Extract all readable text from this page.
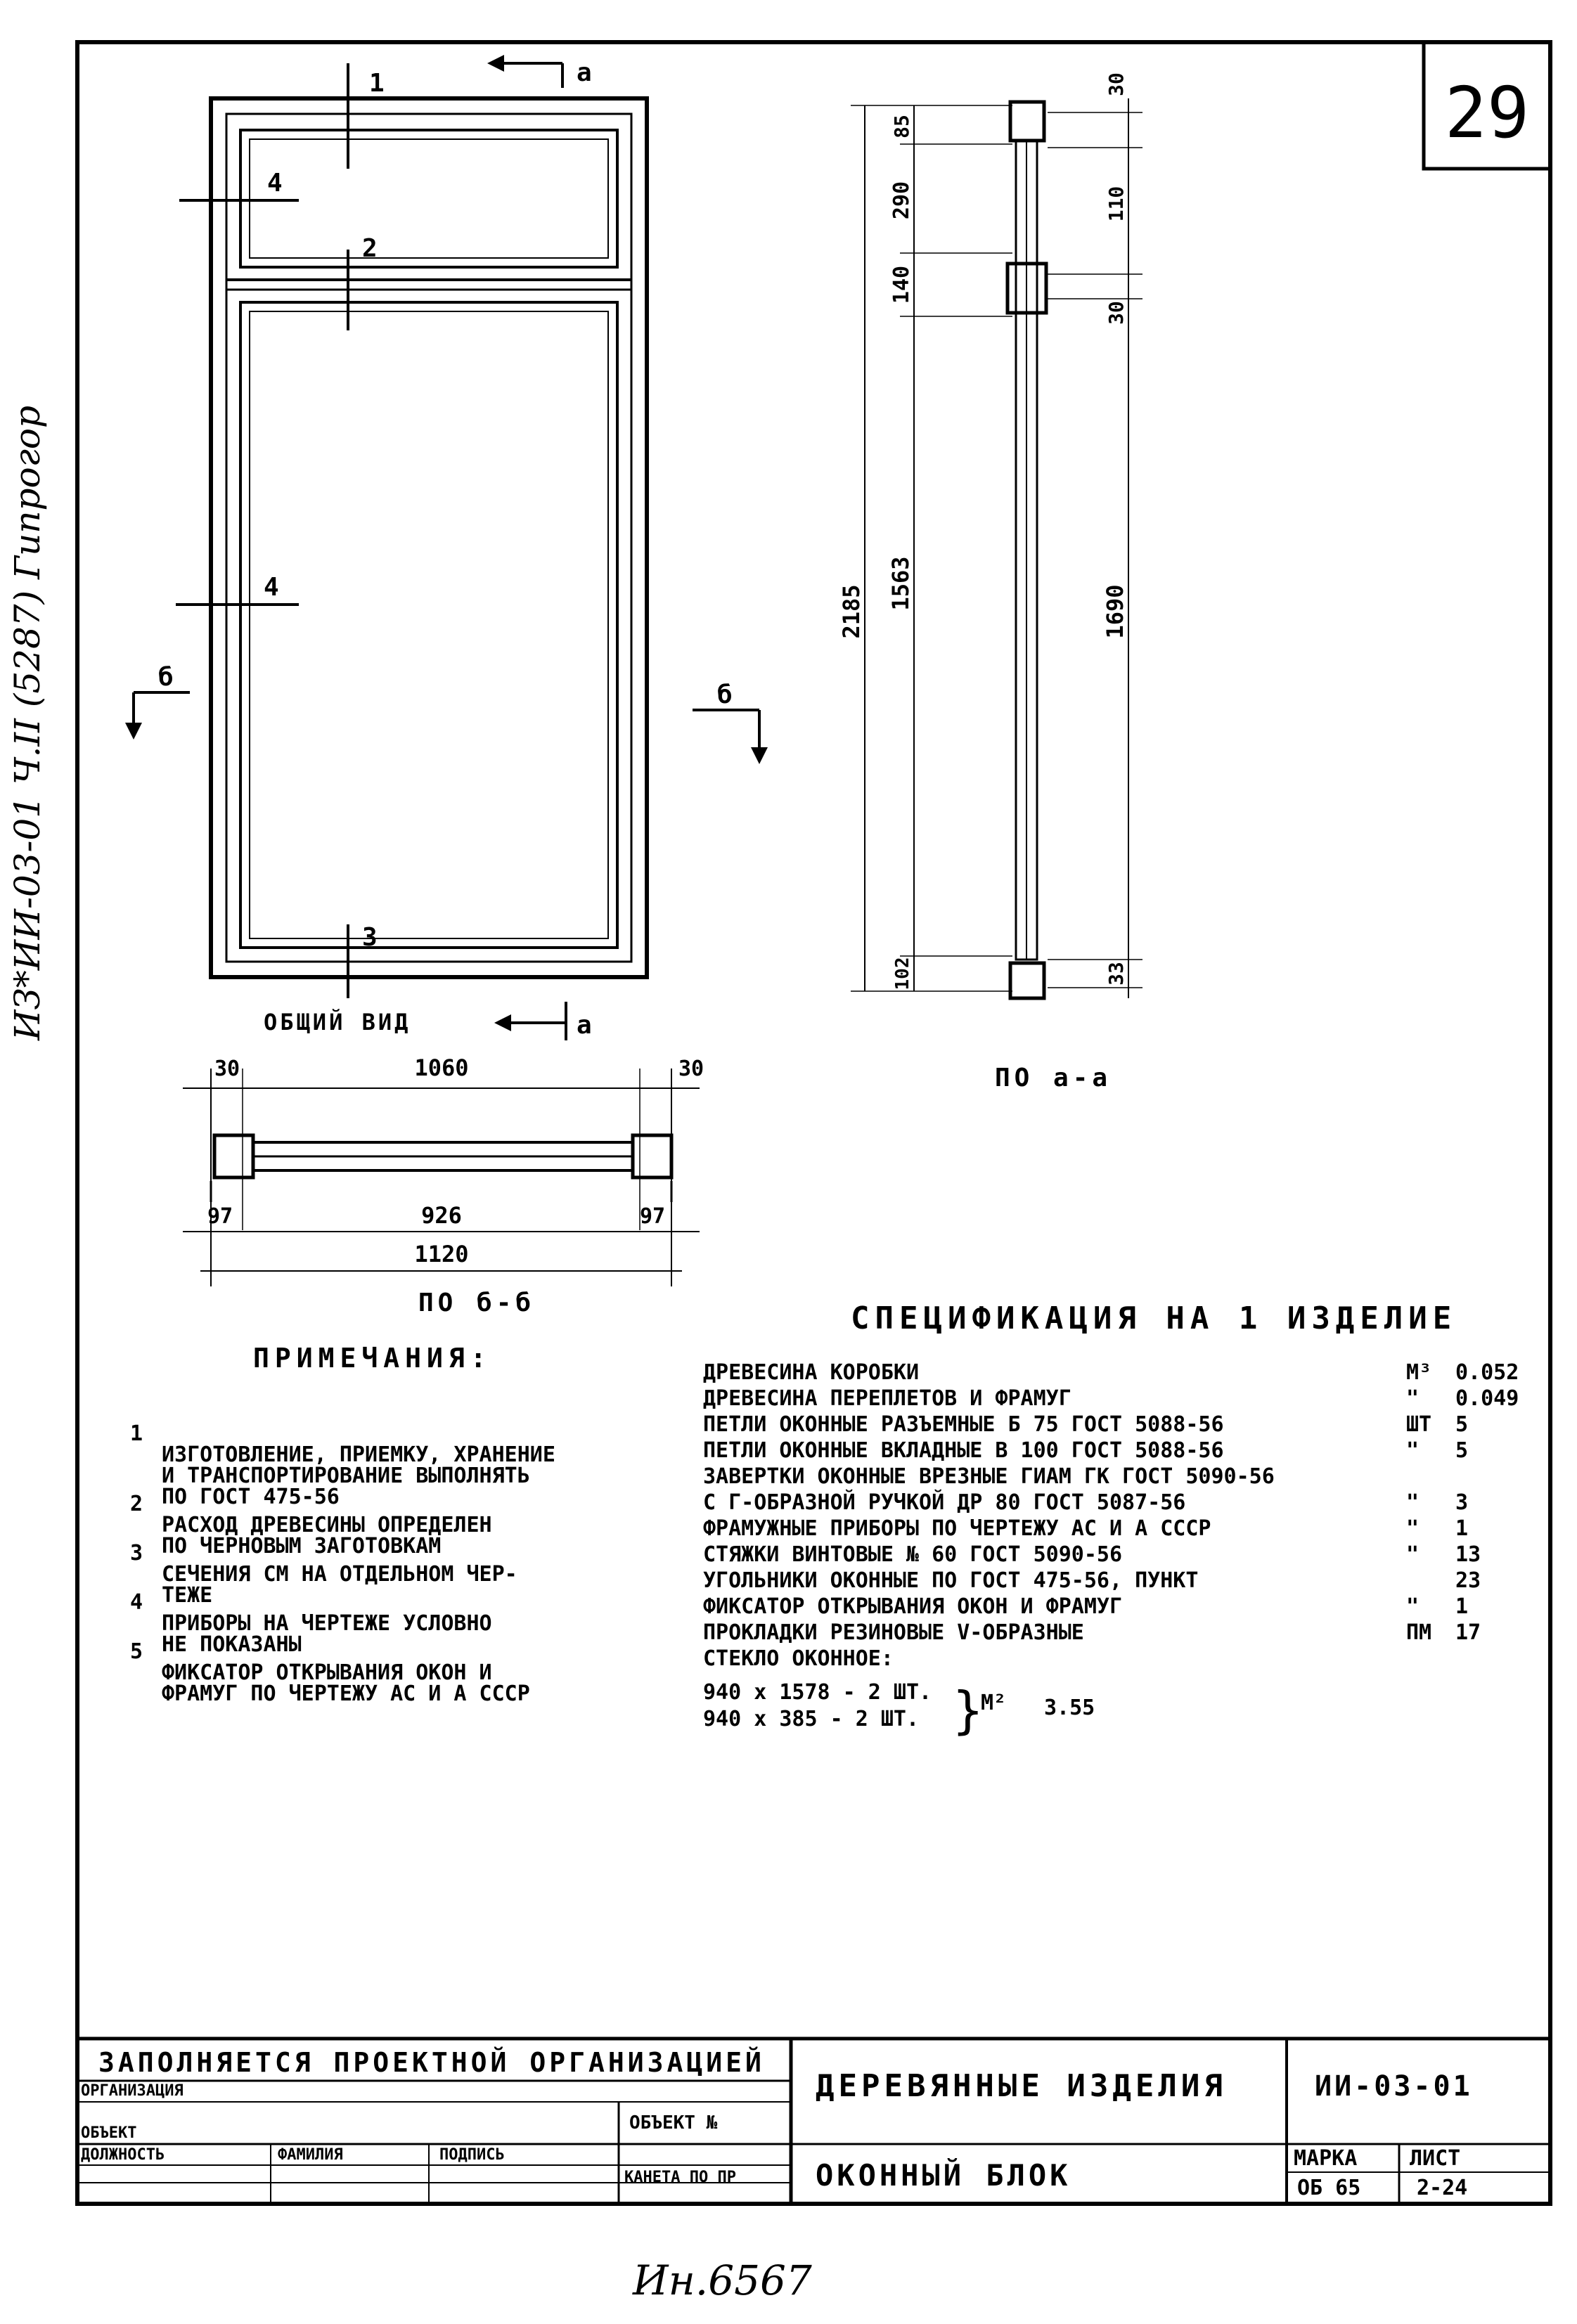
29
1
2
3
4
4
б
б
а
а
ОБЩИЙ ВИД
2185
85
290
140
1563
102
30
110
30
1690
33
ПО а-а
30	1060	30
97	926	97
1120
ПО б-б
ИЗ*ИИ-03-01 Ч.II (5287) Гипрогор
ПРИМЕЧАНИЯ:

1

ИЗГОТОВЛЕНИЕ, ПРИЕМКУ, ХРАНЕНИЕ
И ТРАНСПОРТИРОВАНИЕ ВЫПОЛНЯТЬ
ПО ГОСТ 475-56

2

РАСХОД ДРЕВЕСИНЫ ОПРЕДЕЛЕН
ПО ЧЕРНОВЫМ ЗАГОТОВКАМ

3

СЕЧЕНИЯ СМ НА ОТДЕЛЬНОМ ЧЕР-
ТЕЖЕ

4

ПРИБОРЫ НА ЧЕРТЕЖЕ УСЛОВНО
НЕ ПОКАЗАНЫ

5

ФИКСАТОР ОТКРЫВАНИЯ ОКОН И
ФРАМУГ ПО ЧЕРТЕЖУ АС И А СССР

СПЕЦИФИКАЦИЯ НА 1 ИЗДЕЛИЕ
ДРЕВЕСИНА КОРОБКИ	М³ 0.052
ДРЕВЕСИНА ПЕРЕПЛЕТОВ И ФРАМУГ	" 0.049
ПЕТЛИ ОКОННЫЕ РАЗЪЕМНЫЕ Б 75 ГОСТ 5088-56	ШТ 5
ПЕТЛИ ОКОННЫЕ ВКЛАДНЫЕ В 100 ГОСТ 5088-56	" 5
ЗАВЕРТКИ ОКОННЫЕ ВРЕЗНЫЕ ГИАМ ГК ГОСТ 5090-56
С Г-ОБРАЗНОЙ РУЧКОЙ ДР 80 ГОСТ 5087-56	" 3
ФРАМУЖНЫЕ ПРИБОРЫ ПО ЧЕРТЕЖУ АС И А СССР	" 1
СТЯЖКИ ВИНТОВЫЕ № 60 ГОСТ 5090-56	" 13
УГОЛЬНИКИ ОКОННЫЕ ПО ГОСТ 475-56, ПУНКТ	23
ФИКСАТОР ОТКРЫВАНИЯ ОКОН И ФРАМУГ	" 1
ПРОКЛАДКИ РЕЗИНОВЫЕ V-ОБРАЗНЫЕ	ПМ 17
СТЕКЛО ОКОННОЕ:
940 x 1578 - 2 ШТ.
940 x 385 - 2 ШТ. }
М² 3.55
ЗАПОЛНЯЕТСЯ ПРОЕКТНОЙ ОРГАНИЗАЦИЕЙ
ОРГАНИЗАЦИЯ
ОБЪЕКТ	ОБЪЕКТ №
ДОЛЖНОСТЬ	ФАМИЛИЯ	ПОДПИСЬ
КАНЕТА ПО ПР
ДЕРЕВЯННЫЕ ИЗДЕЛИЯ	ИИ-03-01
ОКОННЫЙ БЛОК	МАРКА ЛИСТ
ОБ 65	2-24
Ин.6567
